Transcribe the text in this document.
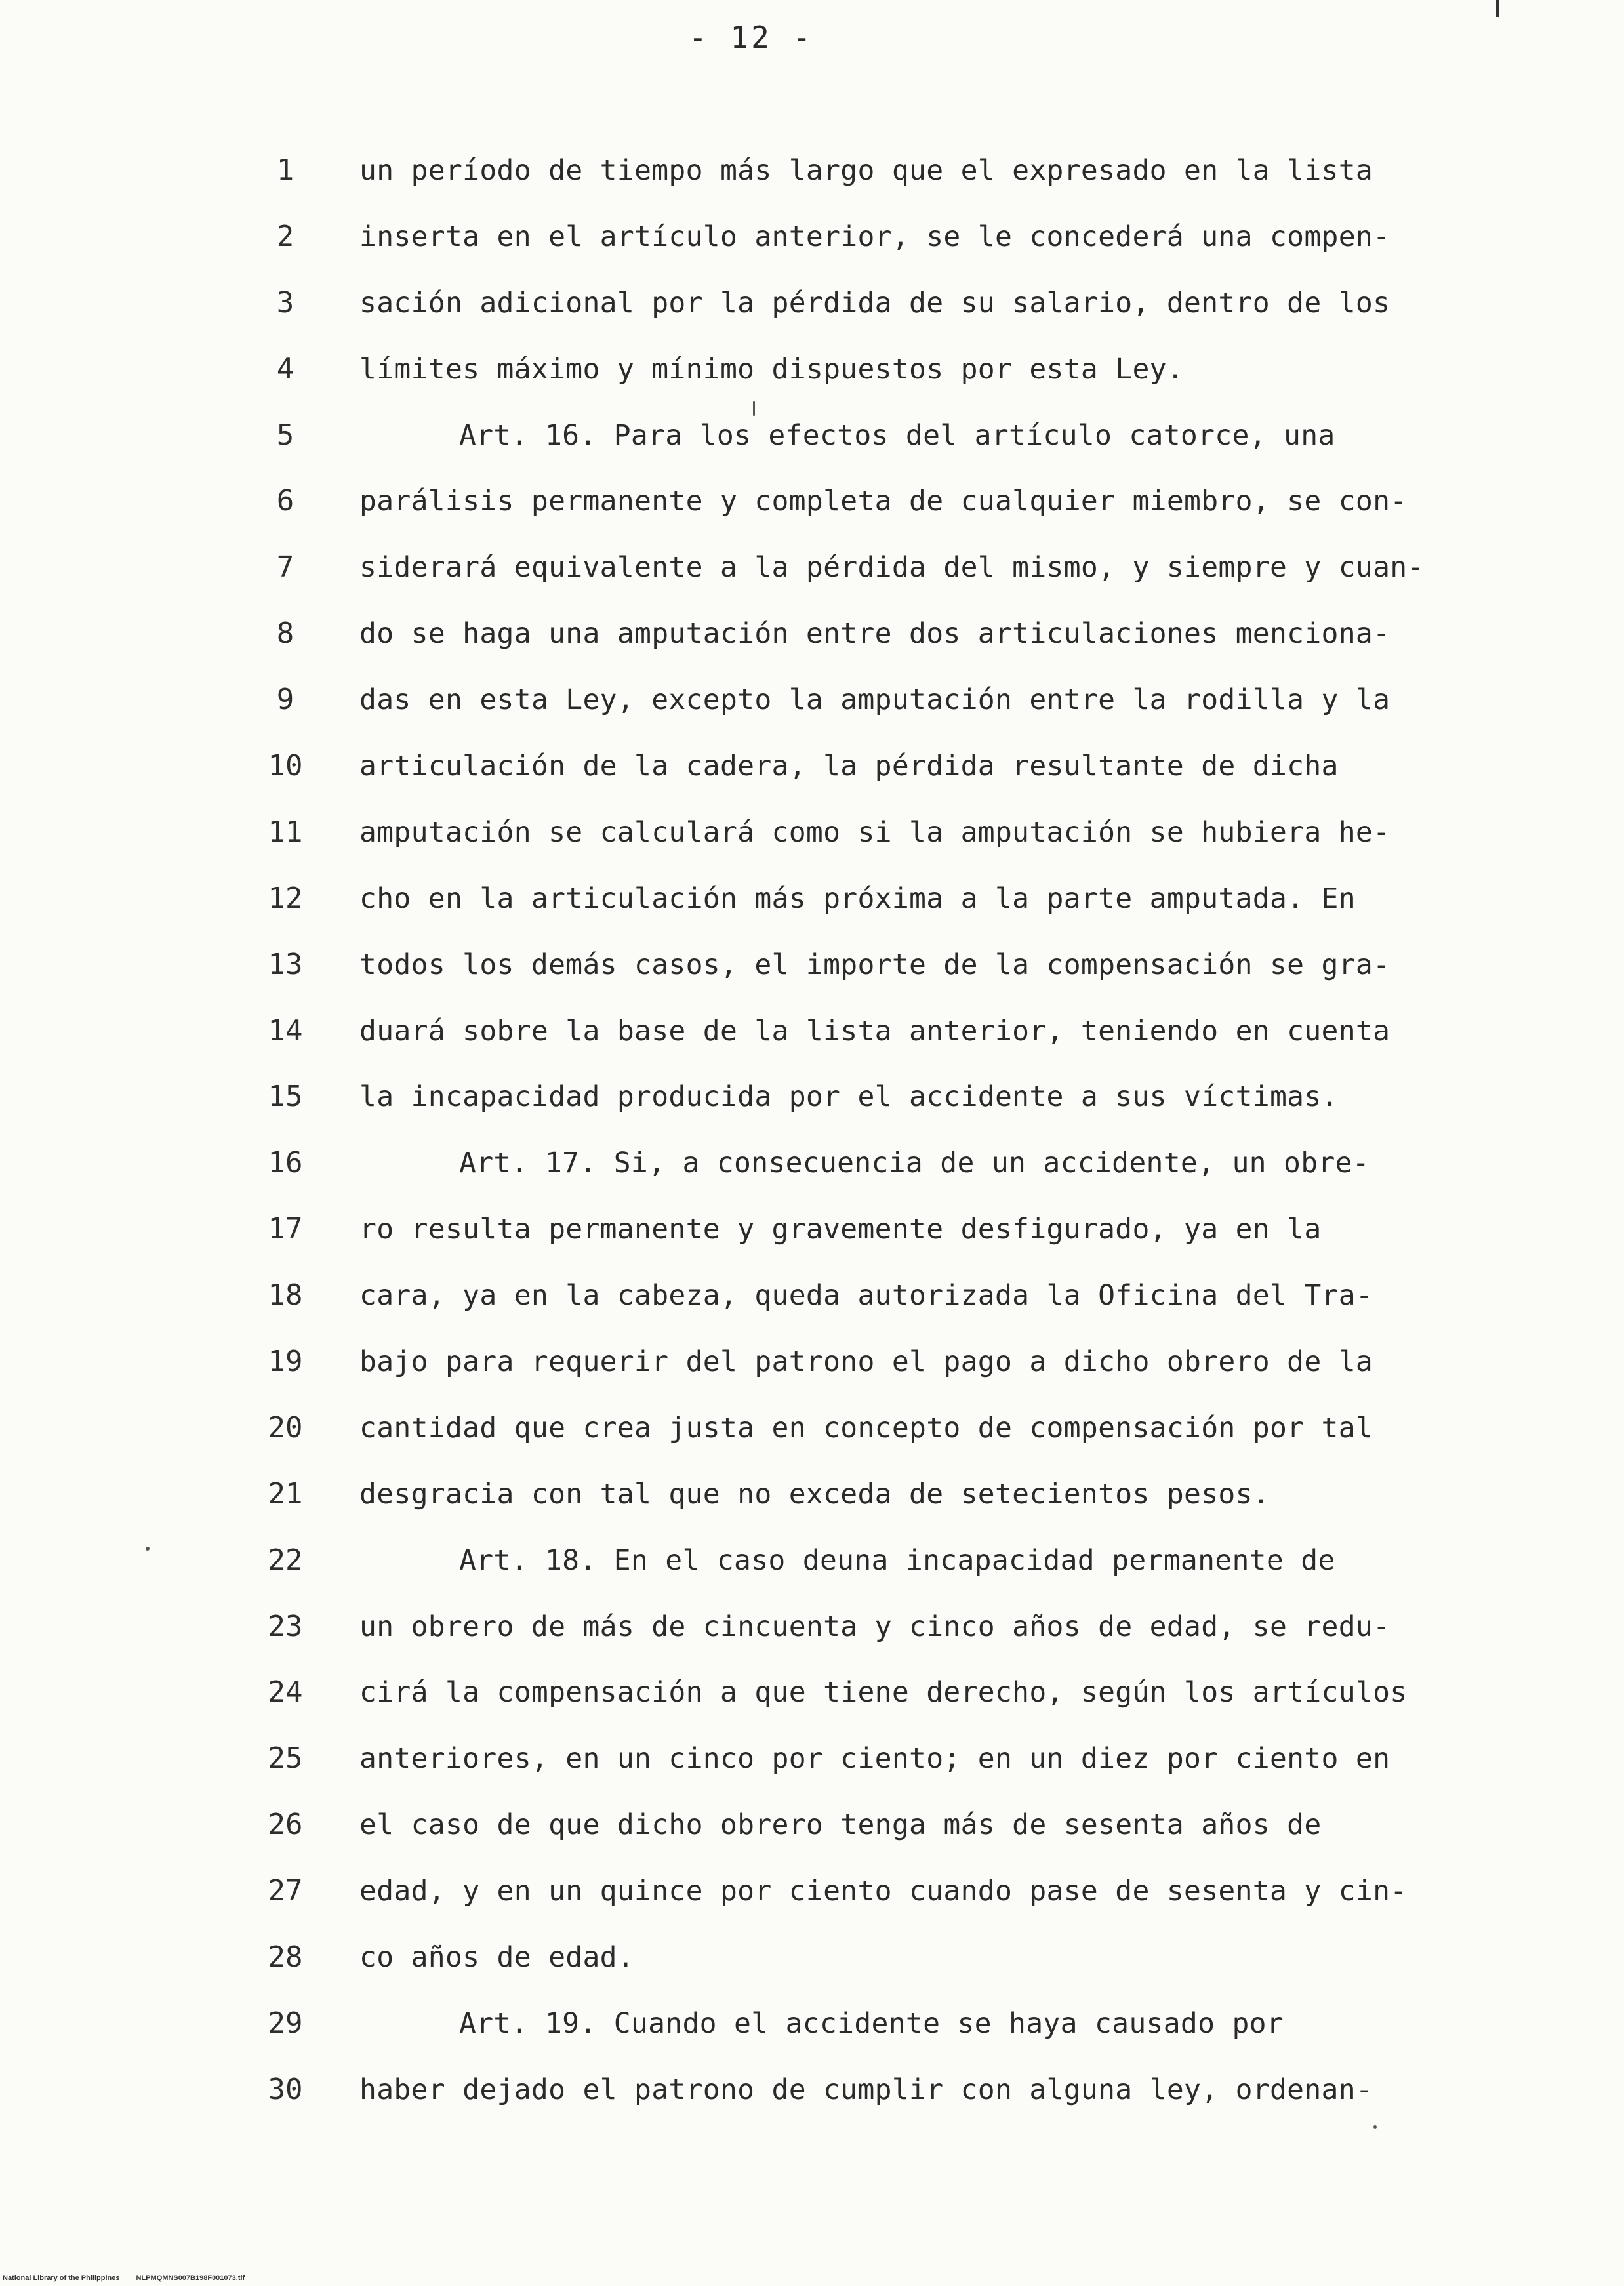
- 12 -
1	un período de tiempo más largo que el expresado en la lista
2	inserta en el artículo anterior, se le concederá una compen-
3	sación adicional por la pérdida de su salario, dentro de los
4	límites máximo y mínimo dispuestos por esta Ley.
5	Art. 16. Para los efectos del artículo catorce, una
6	parálisis permanente y completa de cualquier miembro, se con-
7	siderará equivalente a la pérdida del mismo, y siempre y cuan-
8	do se haga una amputación entre dos articulaciones menciona-
9	das en esta Ley, excepto la amputación entre la rodilla y la
10	articulación de la cadera, la pérdida resultante de dicha
11	amputación se calculará como si la amputación se hubiera he-
12	cho en la articulación más próxima a la parte amputada. En
13	todos los demás casos, el importe de la compensación se gra-
14	duará sobre la base de la lista anterior, teniendo en cuenta
15	la incapacidad producida por el accidente a sus víctimas.
16	Art. 17. Si, a consecuencia de un accidente, un obre-
17	ro resulta permanente y gravemente desfigurado, ya en la
18	cara, ya en la cabeza, queda autorizada la Oficina del Tra-
19	bajo para requerir del patrono el pago a dicho obrero de la
20	cantidad que crea justa en concepto de compensación por tal
21	desgracia con tal que no exceda de setecientos pesos.
22	Art. 18. En el caso deuna incapacidad permanente de
23	un obrero de más de cincuenta y cinco años de edad, se redu-
24	cirá la compensación a que tiene derecho, según los artículos
25	anteriores, en un cinco por ciento; en un diez por ciento en
26	el caso de que dicho obrero tenga más de sesenta años de
27	edad, y en un quince por ciento cuando pase de sesenta y cin-
28	co años de edad.
29	Art. 19. Cuando el accidente se haya causado por
30	haber dejado el patrono de cumplir con alguna ley, ordenan-
National Library of the Philippines NLPMQMNS007B198F001073.tif
